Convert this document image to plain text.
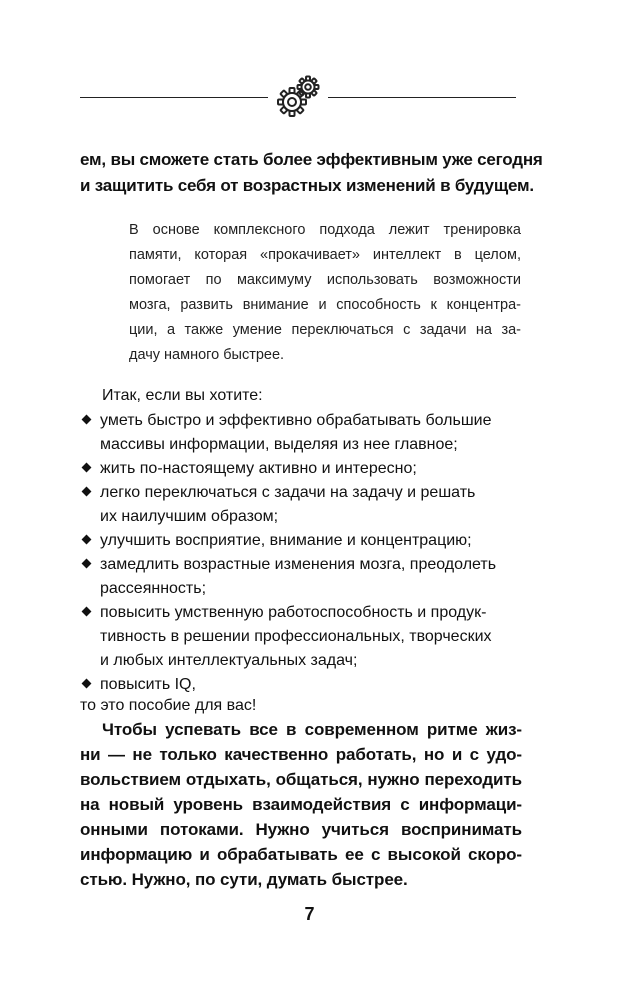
ем, вы сможете стать более эффективным уже сегодня
и защитить себя от возрастных изменений в будущем.
В основе комплексного подхода лежит тренировка
памяти, которая «прокачивает» интеллект в целом,
помогает по максимуму использовать возможности
мозга, развить внимание и способность к концентра-
ции, а также умение переключаться с задачи на за-
дачу намного быстрее.
Итак, если вы хотите:
уметь быстро и эффективно обрабатывать большие
массивы информации, выделяя из нее главное;
жить по-настоящему активно и интересно;
легко переключаться с задачи на задачу и решать
их наилучшим образом;
улучшить восприятие, внимание и концентрацию;
замедлить возрастные изменения мозга, преодолеть
рассеянность;
повысить умственную работоспособность и продук-
тивность в решении профессиональных, творческих
и любых интеллектуальных задач;
повысить IQ,
то это пособие для вас!
Чтобы успевать все в современном ритме жиз-
ни — не только качественно работать, но и с удо-
вольствием отдыхать, общаться, нужно переходить
на новый уровень взаимодействия с информаци-
онными потоками. Нужно учиться воспринимать
информацию и обрабатывать ее с высокой скоро-
стью. Нужно, по сути, думать быстрее.
7
